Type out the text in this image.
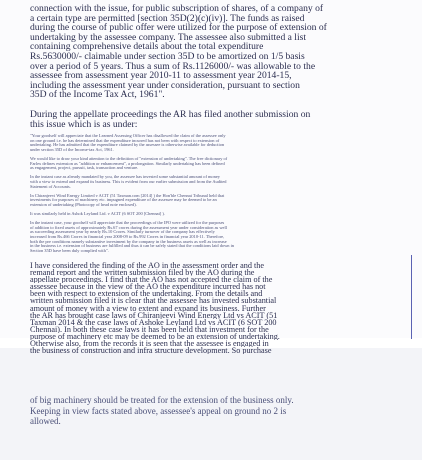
connection with the issue, for public subscription of shares, of a company of
a certain type are permitted [section 35D(2)(c)(iv)]. The funds as raised
during the course of public offer were utilized for the purpose of extension of
undertaking by the assessee company. The assessee also submitted a list
containing comprehensive details about the total expenditure
Rs.5630000/- claimable under section 35D to be amortized on 1/5 basis
over a period of 5 years. Thus a sum of Rs.1126000/- was allowable to the
assessee from assessment year 2010-11 to assessment year 2014-15,
including the assessment year under consideration, pursuant to section
35D of the Income Tax Act, 1961".
During the appellate proceedings the AR has filed another submission on
this issue which is as under:
"Your goodself will appreciate that the Learned Assessing Officer has disallowed the claim of the assessee only
on one ground i.e. he has determined that the expenditure incurred has not been with respect to extension of
undertaking. He has admitted that the expenditure claimed by the assessee is otherwise available for deduction
under section 35D of the Income-tax Act, 1961.

We would like to draw your kind attention to the definition of "extension of undertaking". The free dictionary of
Farlex defines extension as "addition or enhancement", a prolongation. Similarly undertaking has been defined
as engagement, project, pursuit, task, transaction and venture.

In the instant case as already mandated by you, the assessee has invested some substantial amount of money
with a view to extend and expand its business. This is evident from our earlier submission and from the Audited
Statement of Accounts.

In Chiranjeevi Wind Energy Limited v ACIT (51 Taxman.com [2014] ) the Hon'ble Chennai Tribunal held that
investments for purposes of machinery etc. impugned expenditure of the assessee may be deemed to be an
extension of undertaking (Photocopy of head note enclosed).

It was similarly held in Ashok Leyland Ltd. v ACIT (6 SOT 200 [Chennai] ).

In the instant case, your goodself will appreciate that the proceedings of the IPO were utilized for the purposes
of addition to fixed assets of approximately Rs.67 crores during the assessment year under consideration as well
as succeeding assessment year by nearly Rs.10 Crores. Similarly turnover of the company has effectively
increased from Rs.466 Crores in financial year 2008-09 to Rs.992 Crores in financial year 2010-11. Therefore,
both the pre conditions namely substantive investment by the company in the business assets as well as increase
in the business i.e. extension of business are fulfilled and thus it can be safely stated that the conditions laid down in
Section 35D have been duly complied with".
I have considered the finding of the AO in the assessment order and the
remand report and the written submission filed by the AO during the
appellate proceedings. I find that the AO has not accepted the claim of the
assessee because in the view of the AO the expenditure incurred has not
been with respect to extension of the undertaking. From the details and
written submission filed it is clear that the assessee has invested substantial
amount of money with a view to extent and expand its business. Further
the AR has brought case laws of Chiranjeevi Wind Energy Ltd vs ACIT (51
Taxman 2014 & the case laws of Ashoke Leyland Ltd vs ACIT (6 SOT 200
Chennai). In both these case laws it has been held that investment for the
purpose of machinery etc may be deemed to be an extension of undertaking.
Otherwise also, from the records it is seen that the assessee is engaged in
the business of construction and infra structure development. So purchase
of big machinery should be treated for the extension of the business only.
Keeping in view facts stated above, assessee's appeal on ground no 2 is
allowed.
